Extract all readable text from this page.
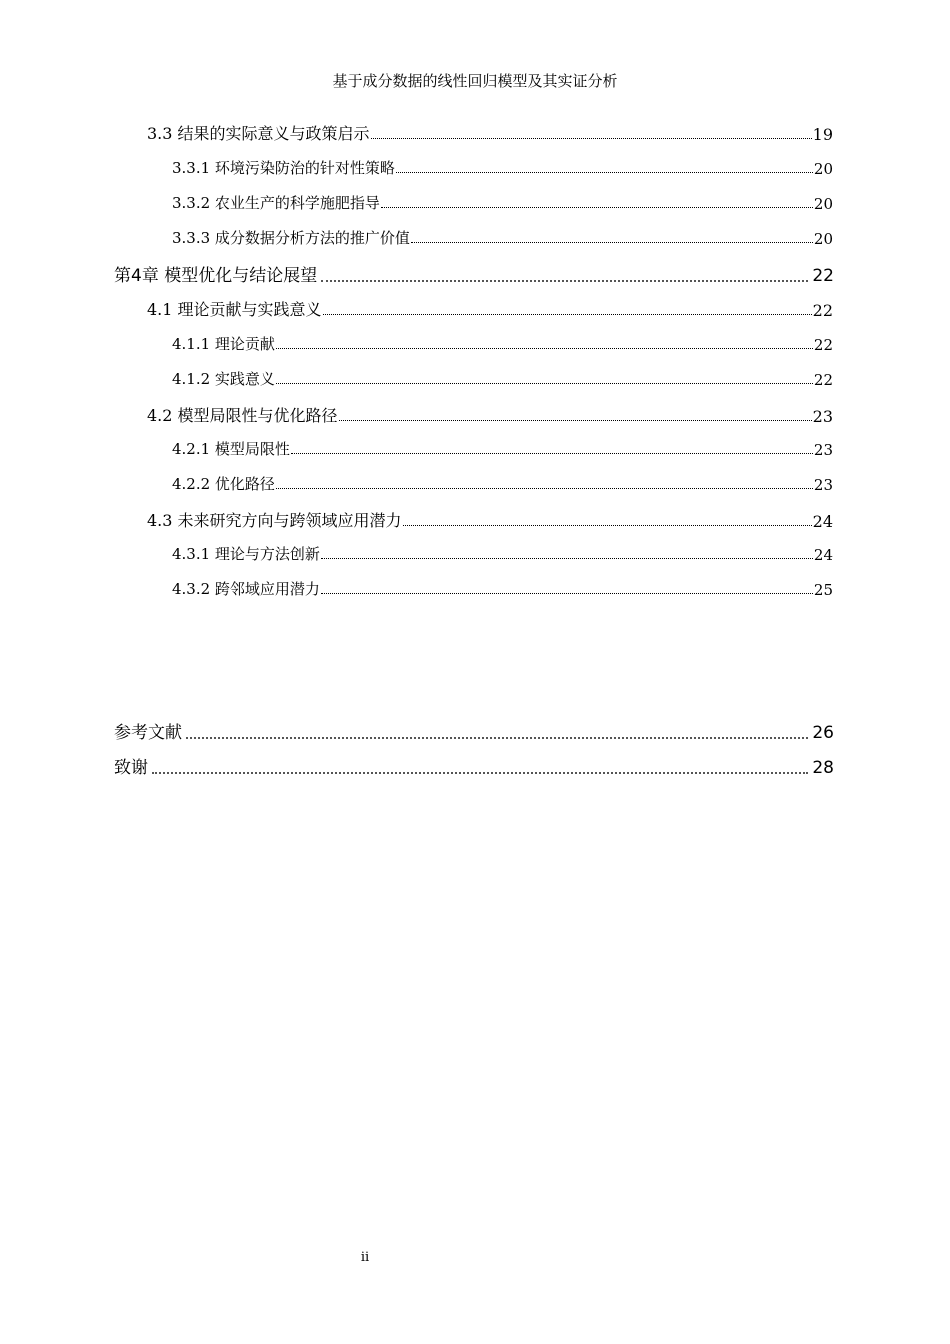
基于成分数据的线性回归模型及其实证分析
3.3 结果的实际意义与政策启示	19
3.3.1 环境污染防治的针对性策略	20
3.3.2 农业生产的科学施肥指导	20
3.3.3 成分数据分析方法的推广价值	20
第4章 模型优化与结论展望	22
4.1 理论贡献与实践意义	22
4.1.1 理论贡献	22
4.1.2 实践意义	22
4.2 模型局限性与优化路径	23
4.2.1 模型局限性	23
4.2.2 优化路径	23
4.3 未来研究方向与跨领域应用潜力	24
4.3.1 理论与方法创新	24
4.3.2 跨邻域应用潜力	25
参考文献	26
致谢	28
ii
